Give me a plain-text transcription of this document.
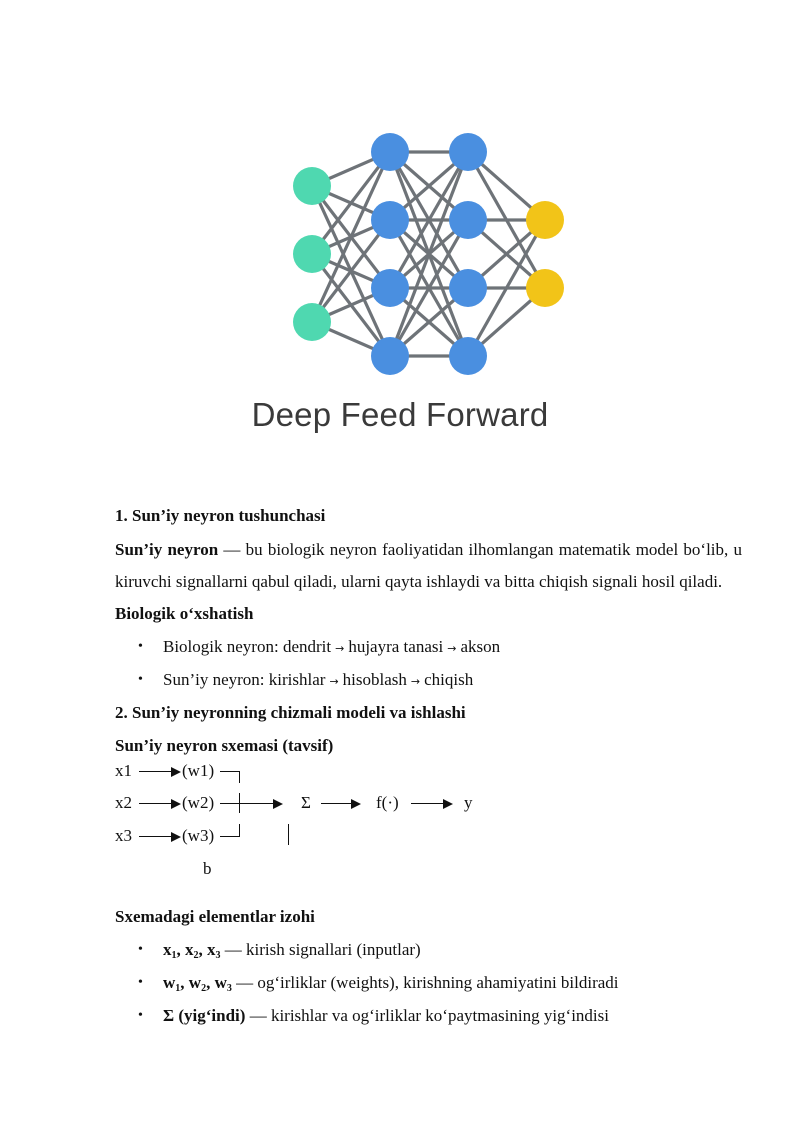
Deep Feed Forward
1. Sun’iy neyron tushunchasi
Sun’iy neyron — bu biologik neyron faoliyatidan ilhomlangan matematik model bo‘lib, u kiruvchi signallarni qabul qiladi, ularni qayta ishlaydi va bitta chiqish signali hosil qiladi.
Biologik o‘xshatish
• Biologik neyron: dendrit → hujayra tanasi → akson
• Sun’iy neyron: kirishlar → hisoblash → chiqish
2. Sun’iy neyronning chizmali modeli va ishlashi
Sun’iy neyron sxemasi (tavsif)
x1	(w1)
x2	(w2)	Σ	f(·)	y
x3	(w3)
b
Sxemadagi elementlar izohi
• $x_1$, $x_2$, $x_3$ — kirish signallari (inputlar)
• $w_1$, $w_2$, $w_3$ — og‘irliklar (weights), kirishning ahamiyatini bildiradi
• Σ (yig‘indi) — kirishlar va og‘irliklar ko‘paytmasining yig‘indisi
